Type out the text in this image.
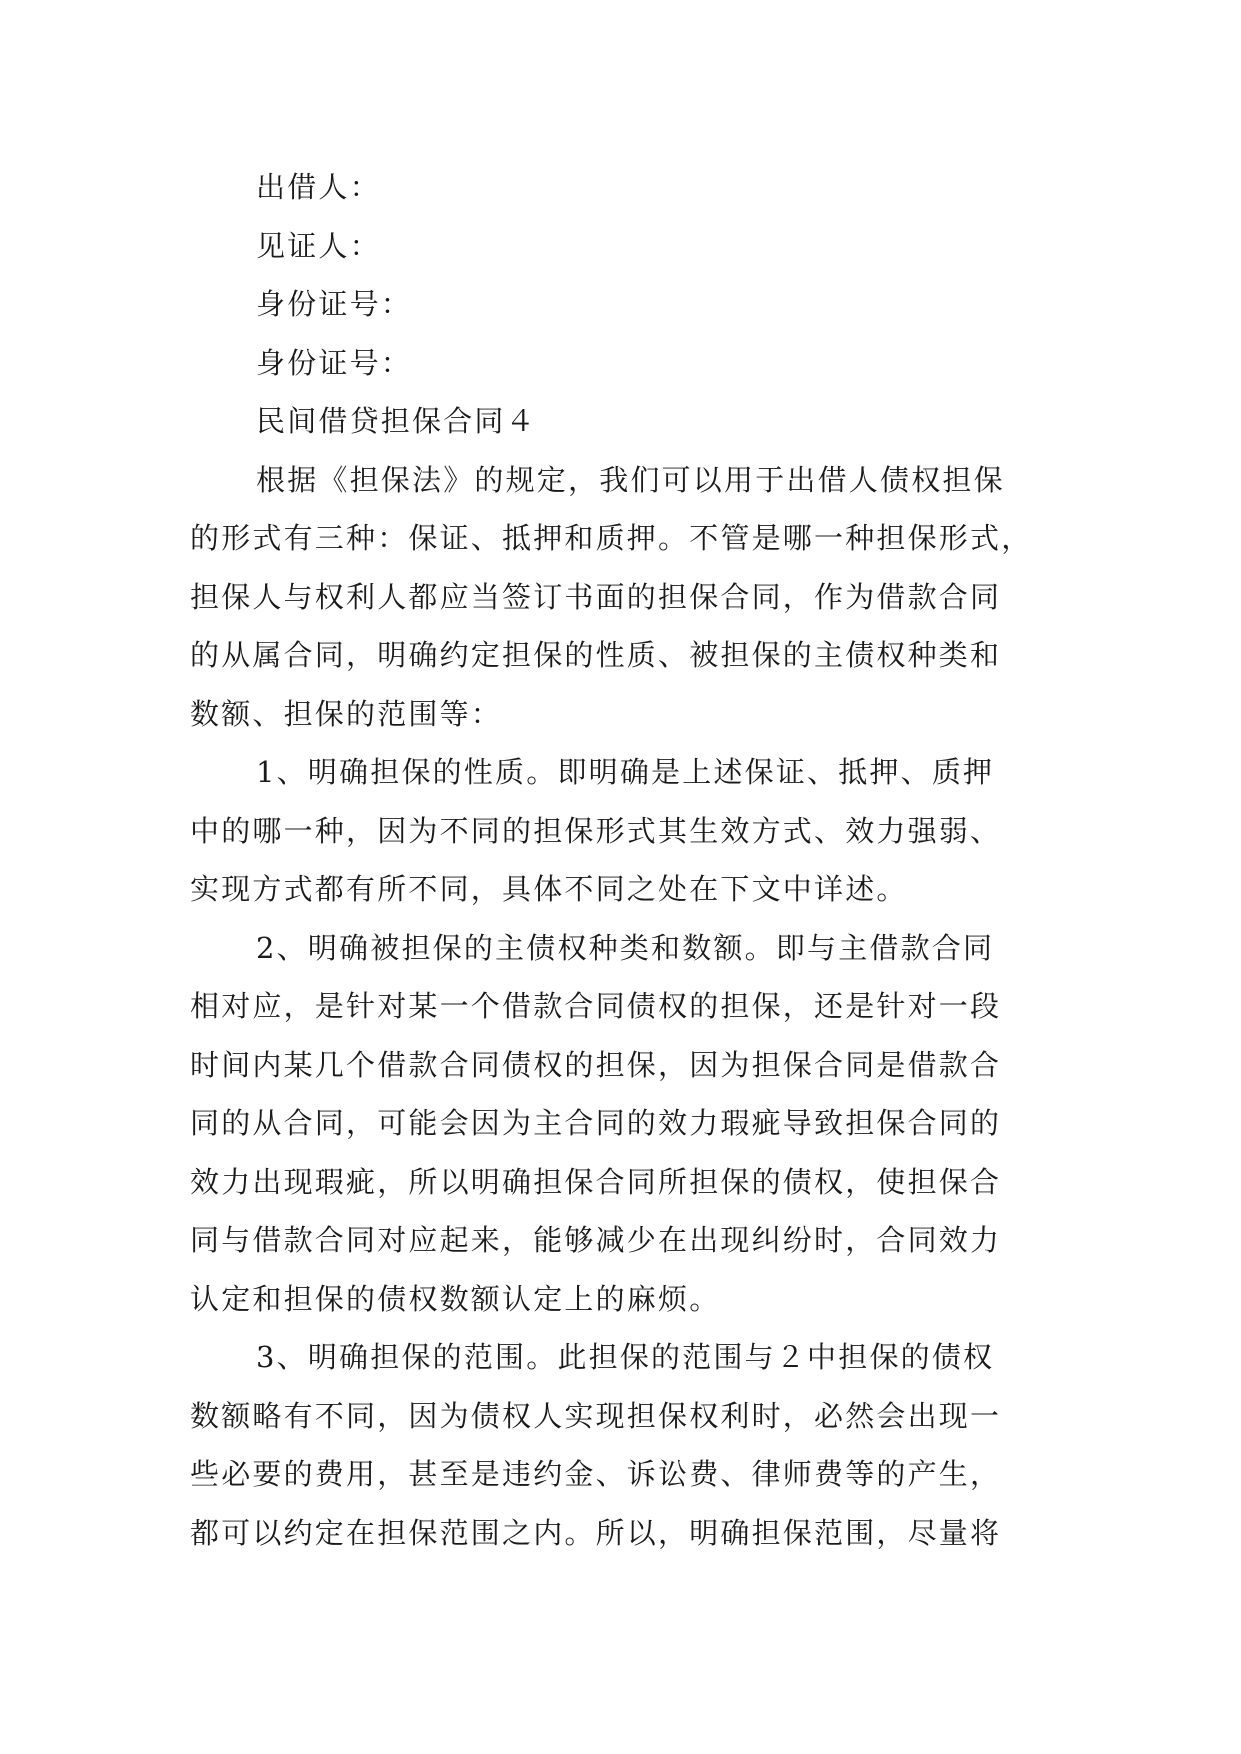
出借人：

见证人：

身份证号：

身份证号：

民间借贷担保合同４

根据《担保法》的规定，我们可以用于出借人债权担保
的形式有三种：保证、抵押和质押。不管是哪一种担保形式，
担保人与权利人都应当签订书面的担保合同，作为借款合同
的从属合同，明确约定担保的性质、被担保的主债权种类和
数额、担保的范围等：

1、明确担保的性质。即明确是上述保证、抵押、质押
中的哪一种，因为不同的担保形式其生效方式、效力强弱、
实现方式都有所不同，具体不同之处在下文中详述。

2、明确被担保的主债权种类和数额。即与主借款合同
相对应，是针对某一个借款合同债权的担保，还是针对一段
时间内某几个借款合同债权的担保，因为担保合同是借款合
同的从合同，可能会因为主合同的效力瑕疵导致担保合同的
效力出现瑕疵，所以明确担保合同所担保的债权，使担保合
同与借款合同对应起来，能够减少在出现纠纷时，合同效力
认定和担保的债权数额认定上的麻烦。

3、明确担保的范围。此担保的范围与２中担保的债权
数额略有不同，因为债权人实现担保权利时，必然会出现一
些必要的费用，甚至是违约金、诉讼费、律师费等的产生，
都可以约定在担保范围之内。所以，明确担保范围，尽量将
